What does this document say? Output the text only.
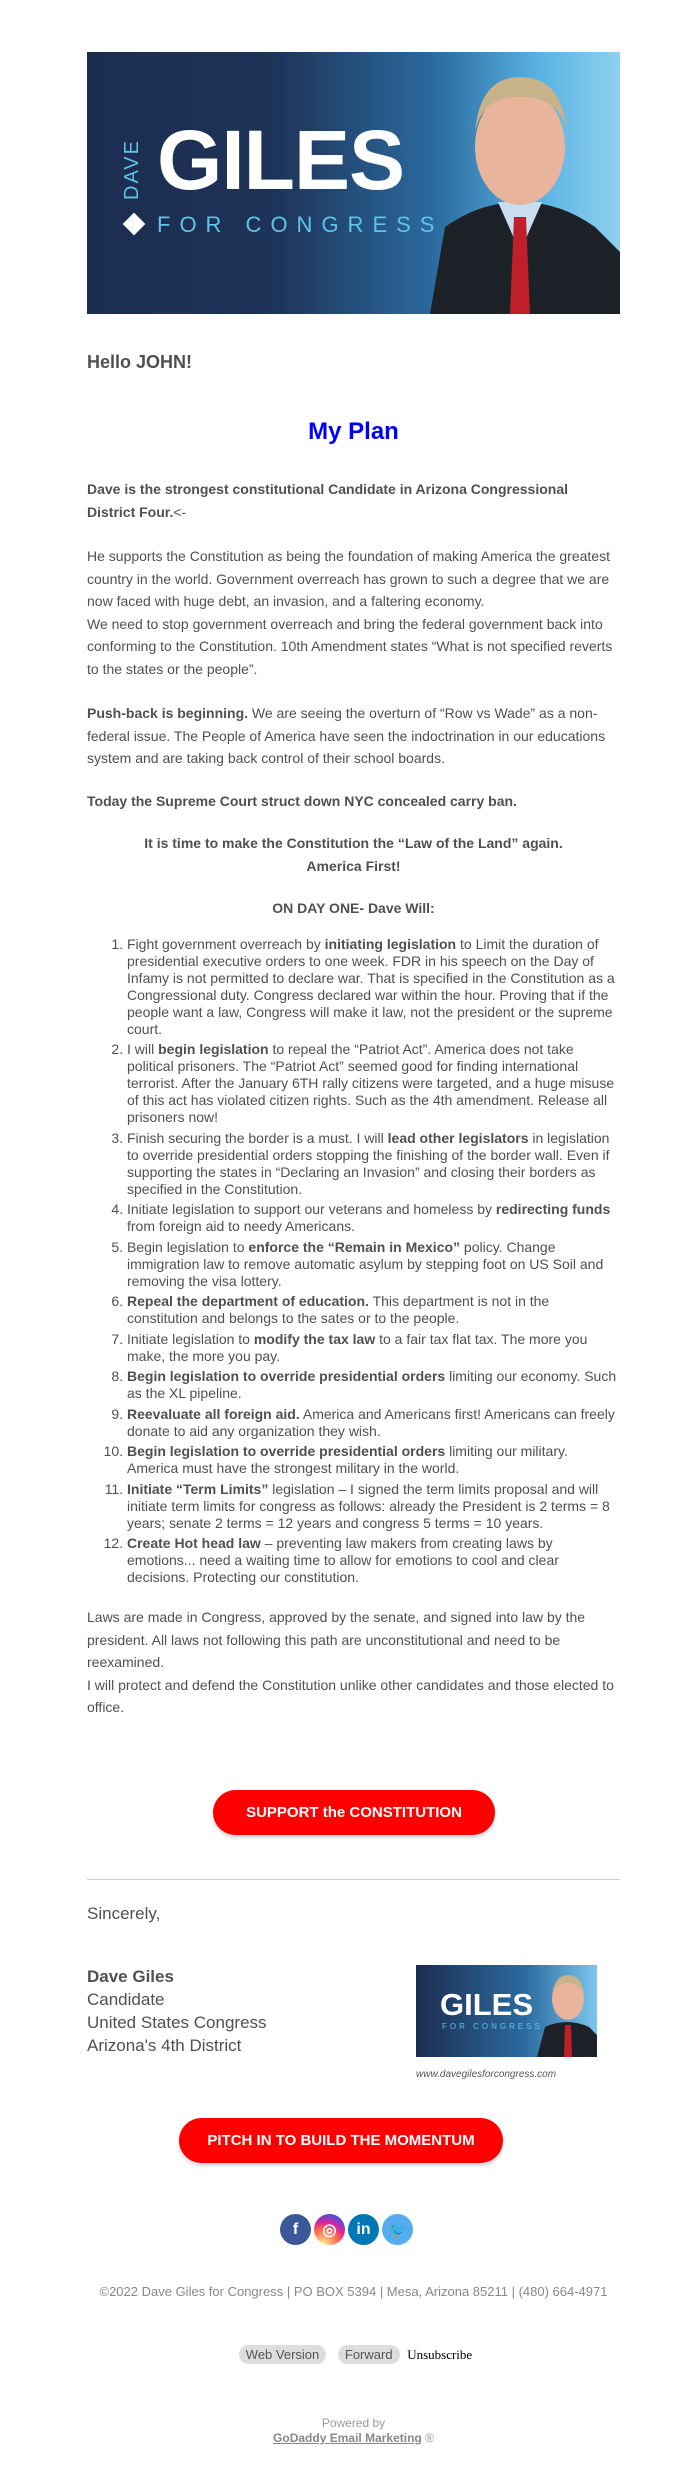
DAVE GILES
FOR CONGRESS
Hello JOHN!
My Plan

Dave is the strongest constitutional Candidate in Arizona Congressional District Four.<-

He supports the Constitution as being the foundation of making America the greatest country in the world. Government overreach has grown to such a degree that we are now faced with huge debt, an invasion, and a faltering economy.

We need to stop government overreach and bring the federal government back into conforming to the Constitution. 10th Amendment states “What is not specified reverts to the states or the people”.

Push-back is beginning. We are seeing the overturn of “Row vs Wade” as a non-federal issue. The People of America have seen the indoctrination in our educations system and are taking back control of their school boards.

Today the Supreme Court struct down NYC concealed carry ban.

It is time to make the Constitution the “Law of the Land” again.

America First!

ON DAY ONE- Dave Will:

1. Fight government overreach by initiating legislation to Limit the duration of presidential executive orders to one week. FDR in his speech on the Day of Infamy is not permitted to declare war. That is specified in the Constitution as a Congressional duty. Congress declared war within the hour. Proving that if the people want a law, Congress will make it law, not the president or the supreme court.
2. I will begin legislation to repeal the “Patriot Act”. America does not take political prisoners. The “Patriot Act” seemed good for finding international terrorist. After the January 6TH rally citizens were targeted, and a huge misuse of this act has violated citizen rights. Such as the 4th amendment. Release all prisoners now!
3. Finish securing the border is a must. I will lead other legislators in legislation to override presidential orders stopping the finishing of the border wall. Even if supporting the states in “Declaring an Invasion” and closing their borders as specified in the Constitution.
4. Initiate legislation to support our veterans and homeless by redirecting funds from foreign aid to needy Americans.
5. Begin legislation to enforce the “Remain in Mexico” policy. Change immigration law to remove automatic asylum by stepping foot on US Soil and removing the visa lottery.
6. Repeal the department of education. This department is not in the constitution and belongs to the sates or to the people.
7. Initiate legislation to modify the tax law to a fair tax flat tax. The more you make, the more you pay.
8. Begin legislation to override presidential orders limiting our economy. Such as the XL pipeline.
9. Reevaluate all foreign aid. America and Americans first! Americans can freely donate to aid any organization they wish.
10. Begin legislation to override presidential orders limiting our military. America must have the strongest military in the world.
11. Initiate “Term Limits” legislation – I signed the term limits proposal and will initiate term limits for congress as follows: already the President is 2 terms = 8 years; senate 2 terms = 12 years and congress 5 terms = 10 years.
12. Create Hot head law – preventing law makers from creating laws by emotions... need a waiting time to allow for emotions to cool and clear decisions. Protecting our constitution.

Laws are made in Congress, approved by the senate, and signed into law by the president. All laws not following this path are unconstitutional and need to be reexamined.

I will protect and defend the Constitution unlike other candidates and those elected to office.

SUPPORT the CONSTITUTION

Sincerely,

Dave Giles
Candidate
United States Congress
Arizona's 4th District
GILES
FOR CONGRESS
www.davegilesforcongress.com
PITCH IN TO BUILD THE MOMENTUM
f	◎	in	🐦
©2022 Dave Giles for Congress | PO BOX 5394 | Mesa, Arizona 85211 | (480) 664-4971
Web Version Forward Unsubscribe
Powered by
GoDaddy Email Marketing ®
